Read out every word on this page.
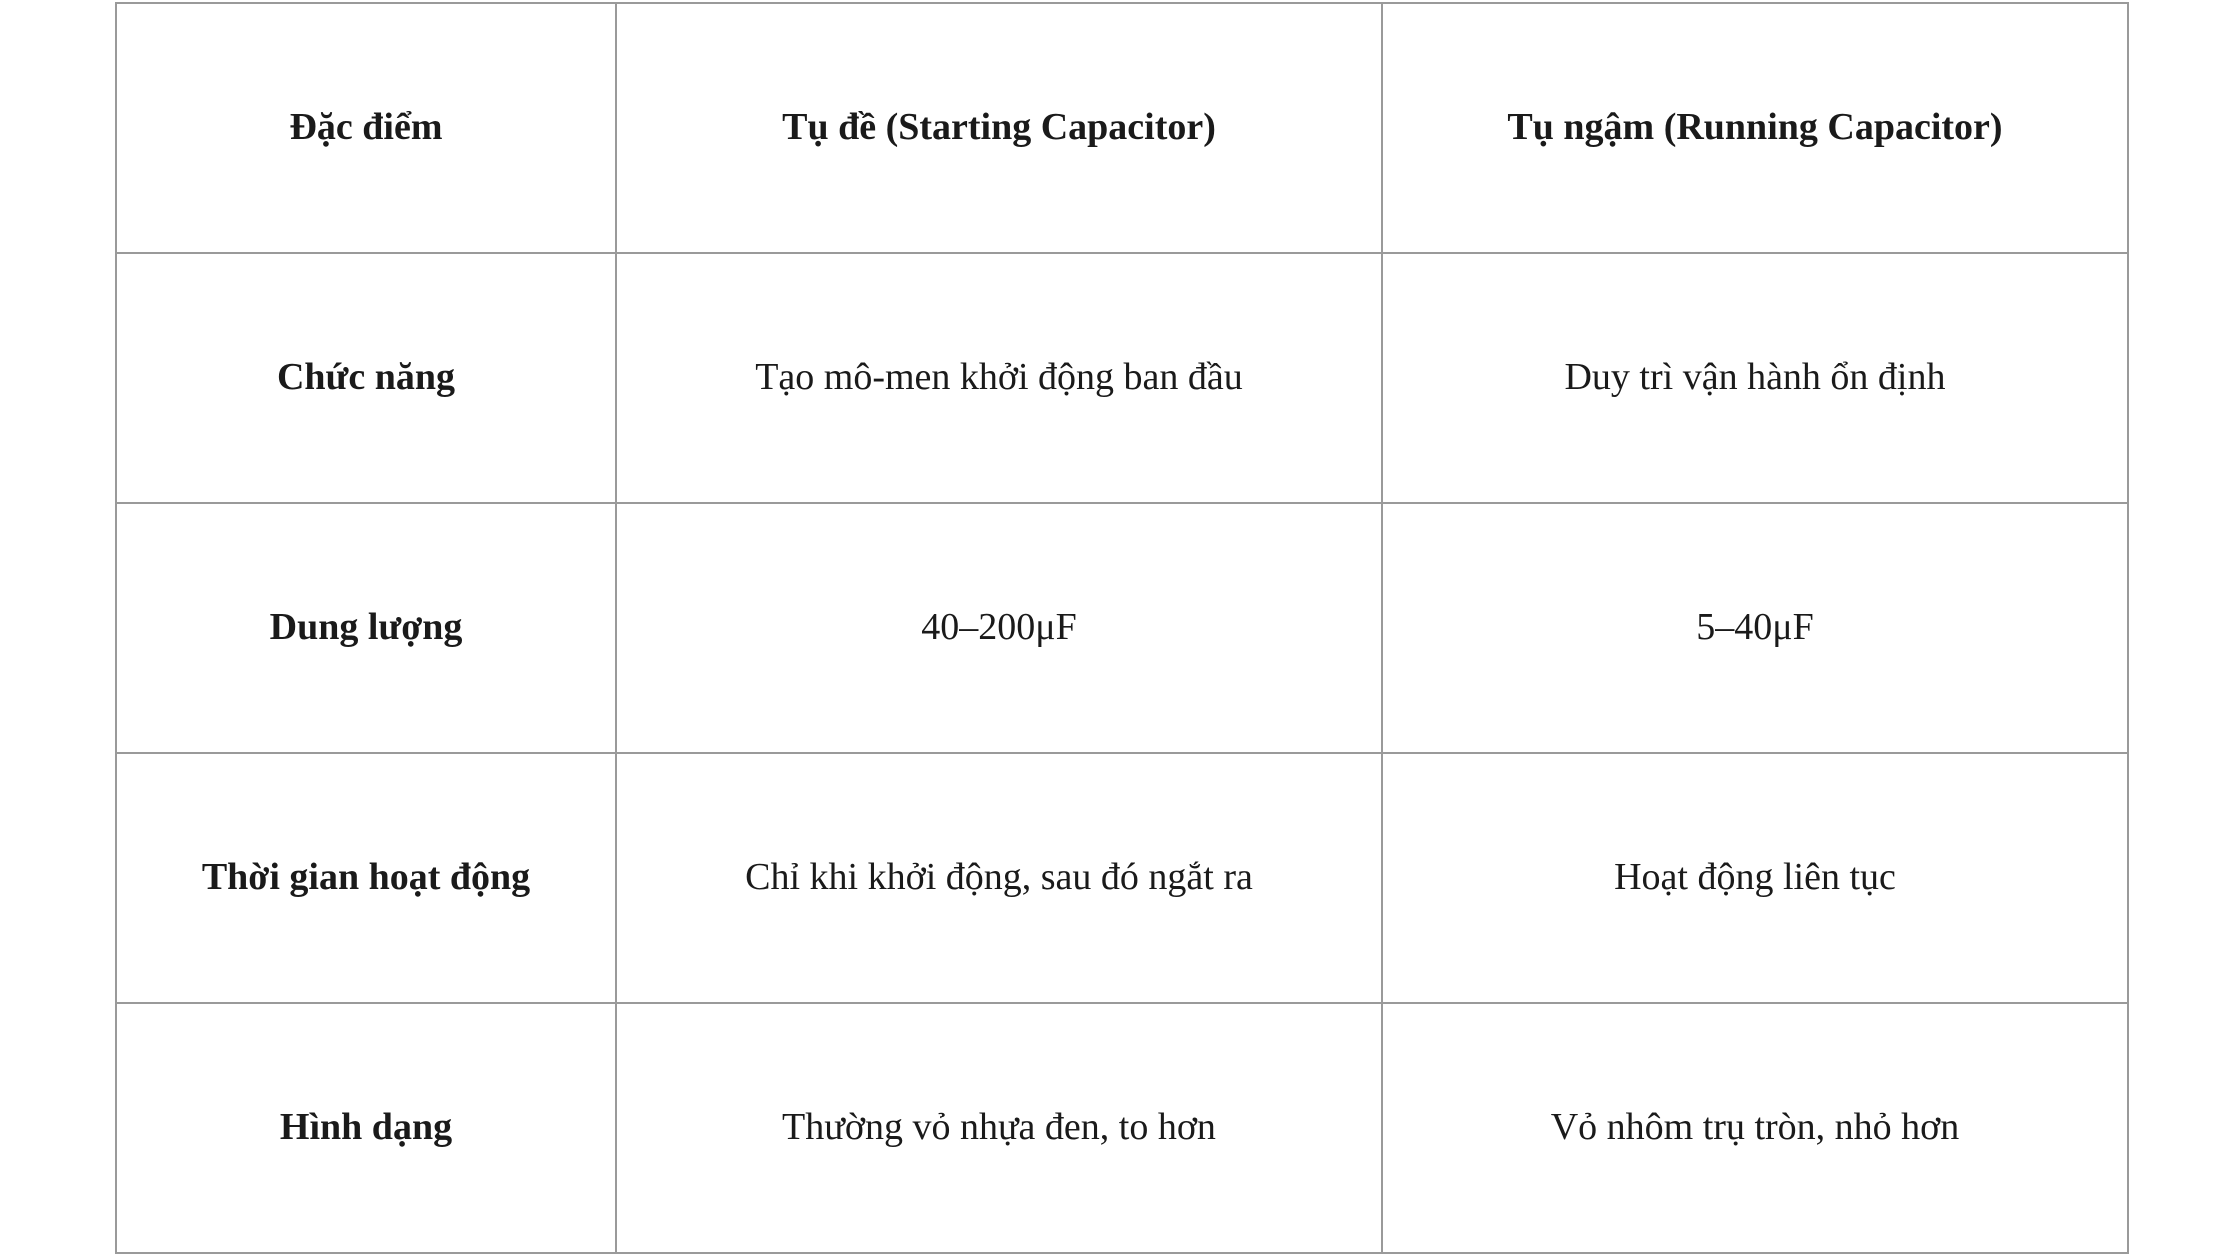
Đặc điểm	Tụ đề (Starting Capacitor)	Tụ ngậm (Running Capacitor)
Chức năng	Tạo mô-men khởi động ban đầu	Duy trì vận hành ổn định
Dung lượng	40–200μF	5–40μF
Thời gian hoạt động	Chỉ khi khởi động, sau đó ngắt ra	Hoạt động liên tục
Hình dạng	Thường vỏ nhựa đen, to hơn	Vỏ nhôm trụ tròn, nhỏ hơn
